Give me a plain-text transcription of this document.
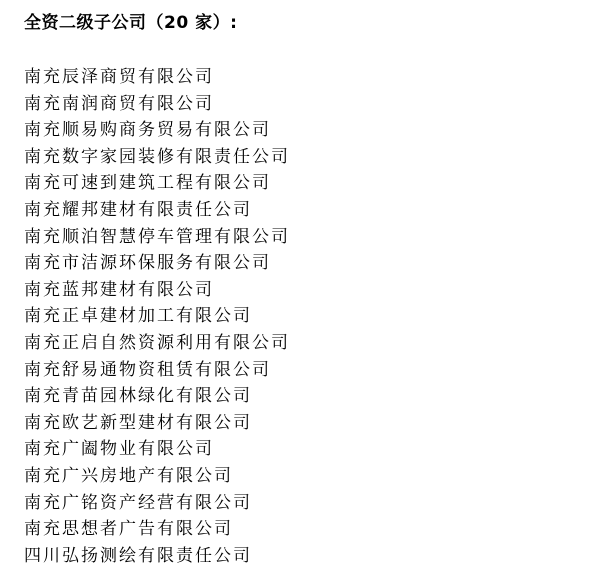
全资二级子公司（20 家）:
南充辰泽商贸有限公司
南充南润商贸有限公司
南充顺易购商务贸易有限公司
南充数字家园装修有限责任公司
南充可速到建筑工程有限公司
南充耀邦建材有限责任公司
南充顺泊智慧停车管理有限公司
南充市洁源环保服务有限公司
南充蓝邦建材有限公司
南充正卓建材加工有限公司
南充正启自然资源利用有限公司
南充舒易通物资租赁有限公司
南充青苗园林绿化有限公司
南充欧艺新型建材有限公司
南充广阖物业有限公司
南充广兴房地产有限公司
南充广铭资产经营有限公司
南充思想者广告有限公司
四川弘扬测绘有限责任公司
